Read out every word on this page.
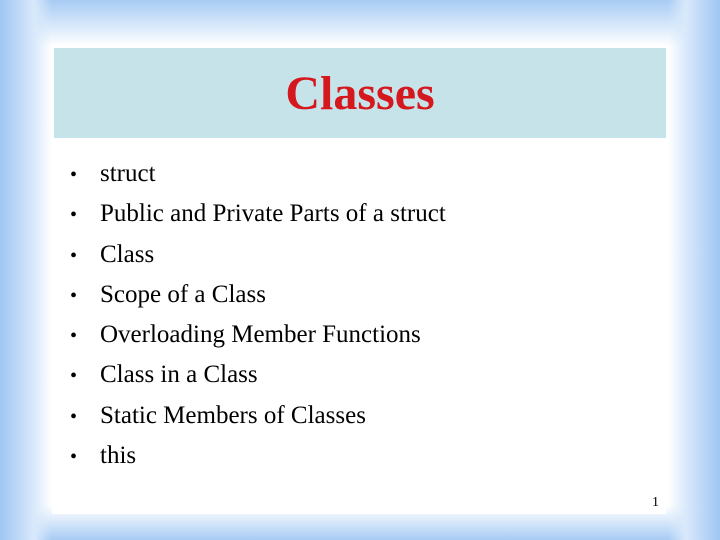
Classes
• struct
• Public and Private Parts of a struct
• Class
• Scope of a Class
• Overloading Member Functions
• Class in a Class
• Static Members of Classes
• this
1
